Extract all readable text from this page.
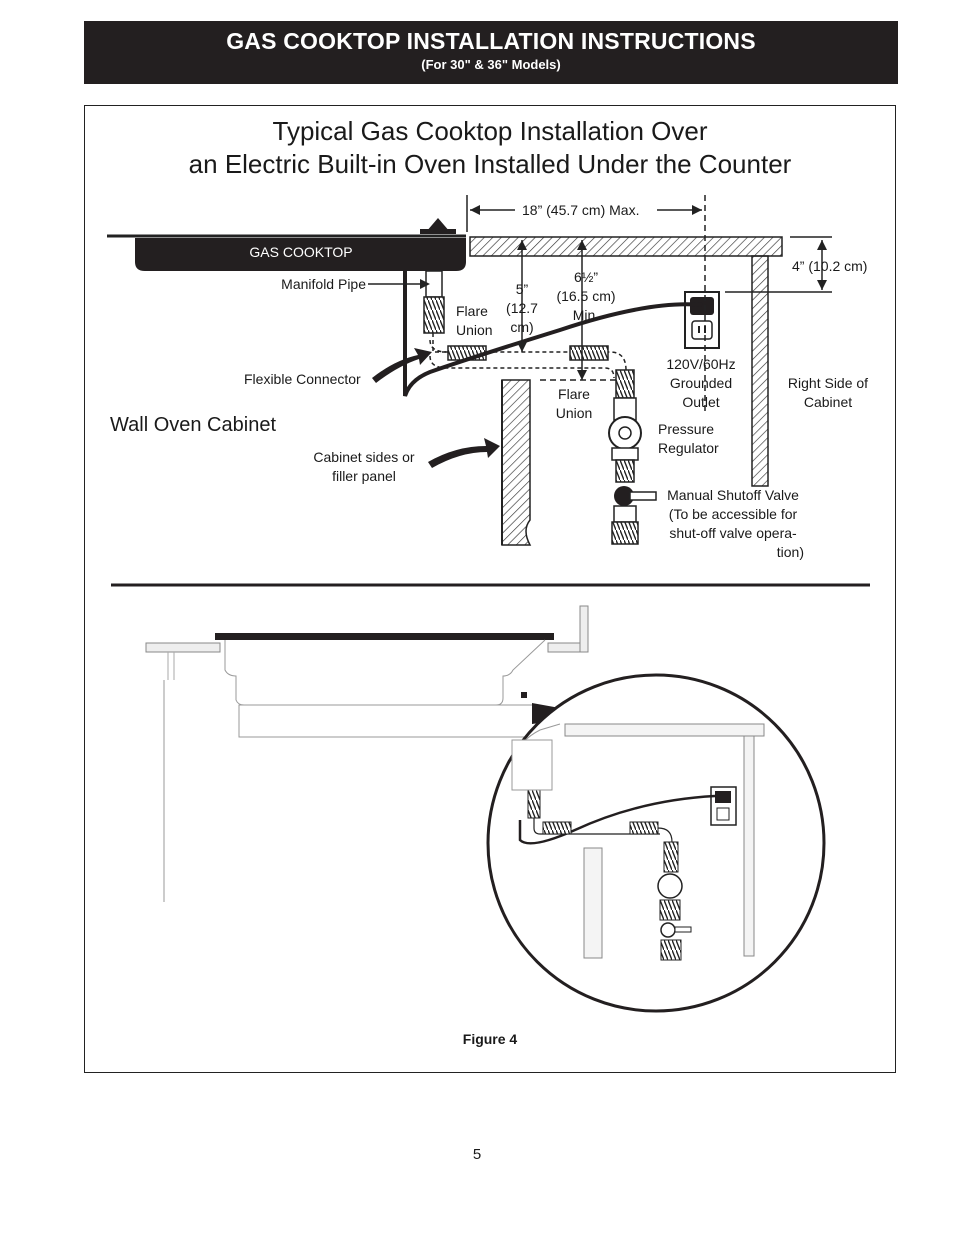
GAS COOKTOP INSTALLATION INSTRUCTIONS
(For 30" & 36" Models)
Typical Gas Cooktop Installation Over
an Electric Built-in Oven Installed Under the Counter
18” (45.7 cm) Max.
GAS COOKTOP
Manifold Pipe	5”
(12.7 cm)
6½”
(16.5 cm)
Min.
4” (10.2 cm)
Flare
Union
Flexible Connector
120V/60Hz
Grounded
Outlet
Right Side of
Cabinet
Flare
Union
Wall Oven Cabinet	Pressure
Regulator
Cabinet sides or
filler panel
Manual Shutoff Valve
(To be accessible for
shut-off valve opera-
tion)
Figure 4
5
